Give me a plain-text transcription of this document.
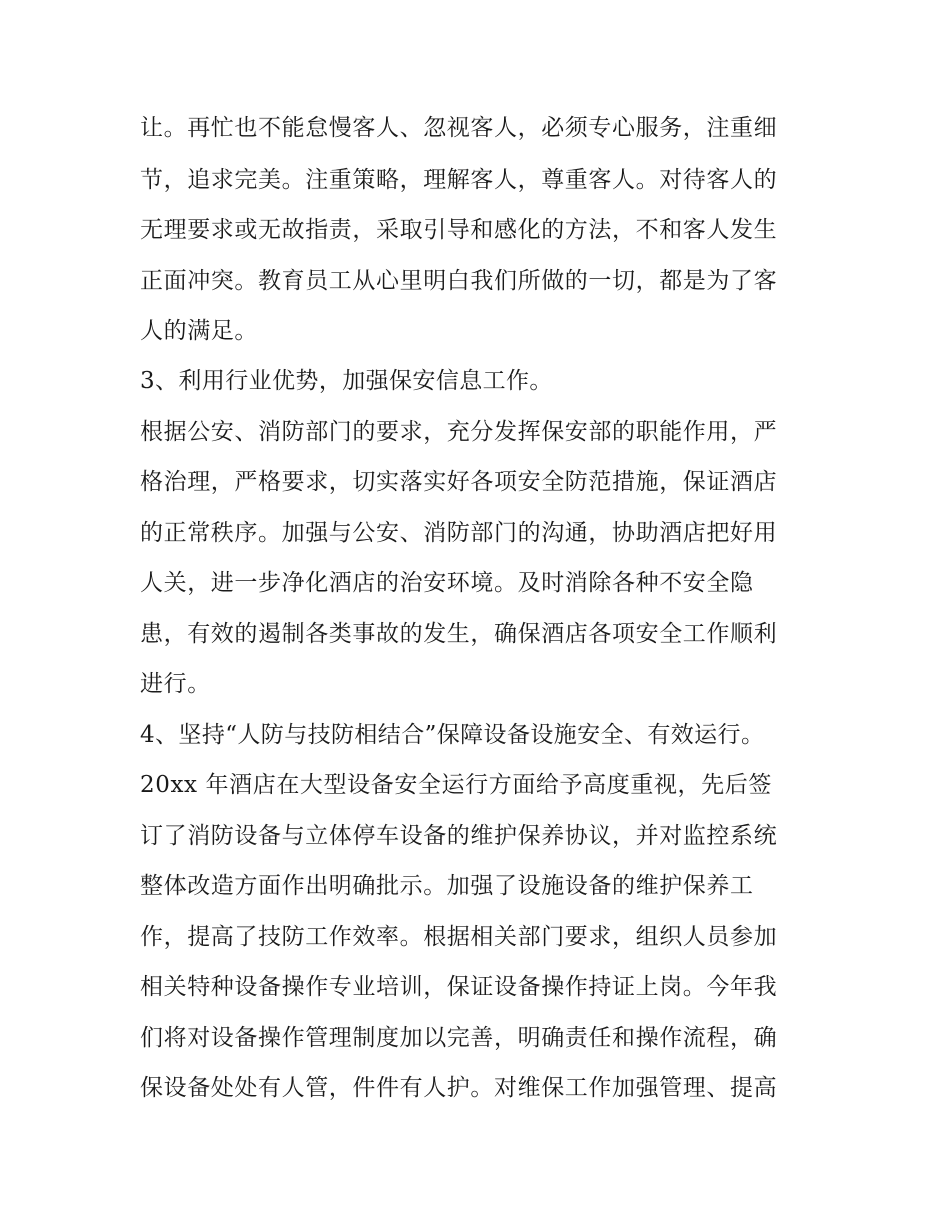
让。再忙也不能怠慢客人、忽视客人，必须专心服务，注重细
节，追求完美。注重策略，理解客人，尊重客人。对待客人的
无理要求或无故指责，采取引导和感化的方法，不和客人发生
正面冲突。教育员工从心里明白我们所做的一切，都是为了客
人的满足。
3、利用行业优势，加强保安信息工作。
根据公安、消防部门的要求，充分发挥保安部的职能作用，严
格治理，严格要求，切实落实好各项安全防范措施，保证酒店
的正常秩序。加强与公安、消防部门的沟通，协助酒店把好用
人关，进一步净化酒店的治安环境。及时消除各种不安全隐
患，有效的遏制各类事故的发生，确保酒店各项安全工作顺利
进行。
4、坚持“人防与技防相结合”保障设备设施安全、有效运行。
20xx 年酒店在大型设备安全运行方面给予高度重视，先后签
订了消防设备与立体停车设备的维护保养协议，并对监控系统
整体改造方面作出明确批示。加强了设施设备的维护保养工
作，提高了技防工作效率。根据相关部门要求，组织人员参加
相关特种设备操作专业培训，保证设备操作持证上岗。今年我
们将对设备操作管理制度加以完善，明确责任和操作流程，确
保设备处处有人管，件件有人护。对维保工作加强管理、提高
